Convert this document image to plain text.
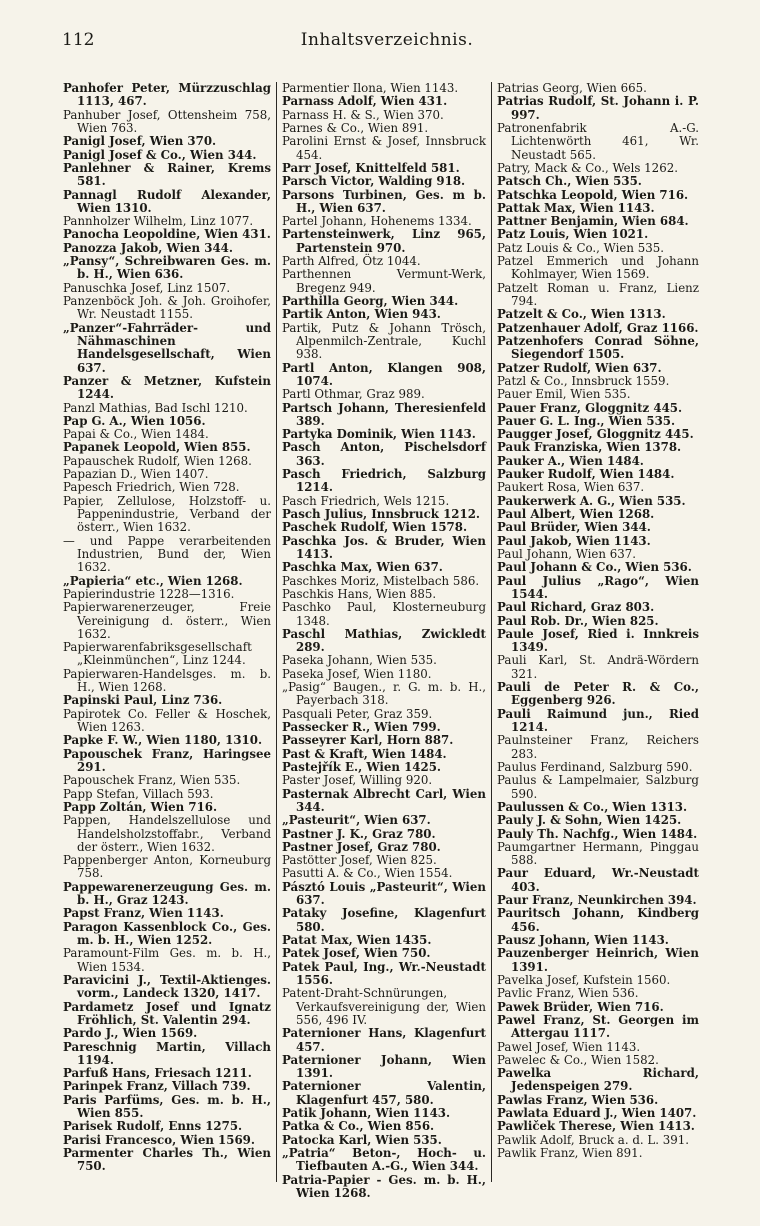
112	Inhaltsverzeichnis.
Panhofer Peter, Mürzzuschlag 1113, 467.
Panhuber Josef, Ottensheim 758, Wien 763.
Panigl Josef, Wien 370.
Panigl Josef & Co., Wien 344.
Panlehner & Rainer, Krems 581.
Pannagl Rudolf Alexander, Wien 1310.
Pannholzer Wilhelm, Linz 1077.
Panocha Leopoldine, Wien 431.
Panozza Jakob, Wien 344.
„Pansy“, Schreibwaren Ges. m. b. H., Wien 636.
Panuschka Josef, Linz 1507.
Panzenböck Joh. & Joh. Groihofer, Wr. Neustadt 1155.
„Panzer“-Fahrräder- und Nähmaschinen Handelsgesellschaft, Wien 637.
Panzer & Metzner, Kufstein 1244.
Panzl Mathias, Bad Ischl 1210.
Pap G. A., Wien 1056.
Papai & Co., Wien 1484.
Papanek Leopold, Wien 855.
Papauschek Rudolf, Wien 1268.
Papazian D., Wien 1407.
Papesch Friedrich, Wien 728.
Papier, Zellulose, Holzstoff- u. Pappenindustrie, Verband der österr., Wien 1632.
— und Pappe verarbeitenden Industrien, Bund der, Wien 1632.
„Papieria“ etc., Wien 1268.
Papierindustrie 1228—1316.
Papierwarenerzeuger, Freie Vereinigung d. österr., Wien 1632.
Papierwarenfabriksgesellschaft „Kleinmünchen“, Linz 1244.
Papierwaren-Handelsges. m. b. H., Wien 1268.
Papinski Paul, Linz 736.
Papirotek Co. Feller & Hoschek, Wien 1263.
Papke F. W., Wien 1180, 1310.
Papouschek Franz, Haringsee 291.
Papouschek Franz, Wien 535.
Papp Stefan, Villach 593.
Papp Zoltán, Wien 716.
Pappen, Handelszellulose und Handelsholzstoffabr., Verband der österr., Wien 1632.
Pappenberger Anton, Korneuburg 758.
Pappewarenerzeugung Ges. m. b. H., Graz 1243.
Papst Franz, Wien 1143.
Paragon Kassenblock Co., Ges. m. b. H., Wien 1252.
Paramount-Film Ges. m. b. H., Wien 1534.
Paravicini J., Textil-Aktienges. vorm., Landeck 1320, 1417.
Pardametz Josef und Ignatz Fröhlich, St. Valentin 294.
Pardo J., Wien 1569.
Pareschnig Martin, Villach 1194.
Parfuß Hans, Friesach 1211.
Parinpek Franz, Villach 739.
Paris Parfüms, Ges. m. b. H., Wien 855.
Parisek Rudolf, Enns 1275.
Parisi Francesco, Wien 1569.
Parmenter Charles Th., Wien 750.
Parmentier Ilona, Wien 1143.
Parnass Adolf, Wien 431.
Parnass H. & S., Wien 370.
Parnes & Co., Wien 891.
Parolini Ernst & Josef, Innsbruck 454.
Parr Josef, Knittelfeld 581.
Parsch Victor, Walding 918.
Parsons Turbinen, Ges. m b. H., Wien 637.
Partel Johann, Hohenems 1334.
Partensteinwerk, Linz 965, Partenstein 970.
Parth Alfred, Ötz 1044.
Parthennen Vermunt-Werk, Bregenz 949.
Parthilla Georg, Wien 344.
Partik Anton, Wien 943.
Partik, Putz & Johann Trösch, Alpenmilch-Zentrale, Kuchl 938.
Partl Anton, Klangen 908, 1074.
Partl Othmar, Graz 989.
Partsch Johann, Theresienfeld 389.
Partyka Dominik, Wien 1143.
Pasch Anton, Pischelsdorf 363.
Pasch Friedrich, Salzburg 1214.
Pasch Friedrich, Wels 1215.
Pasch Julius, Innsbruck 1212.
Paschek Rudolf, Wien 1578.
Paschka Jos. & Bruder, Wien 1413.
Paschka Max, Wien 637.
Paschkes Moriz, Mistelbach 586.
Paschkis Hans, Wien 885.
Paschko Paul, Klosterneuburg 1348.
Paschl Mathias, Zwickledt 289.
Paseka Johann, Wien 535.
Paseka Josef, Wien 1180.
„Pasig“ Baugen., r. G. m. b. H., Payerbach 318.
Pasquali Peter, Graz 359.
Passecker R., Wien 799.
Passeyrer Karl, Horn 887.
Past & Kraft, Wien 1484.
Pastejřík E., Wien 1425.
Paster Josef, Willing 920.
Pasternak Albrecht Carl, Wien 344.
„Pasteurit“, Wien 637.
Pastner J. K., Graz 780.
Pastner Josef, Graz 780.
Pastötter Josef, Wien 825.
Pasutti A. & Co., Wien 1554.
Pásztó Louis „Pasteurit“, Wien 637.
Pataky Josefine, Klagenfurt 580.
Patat Max, Wien 1435.
Patek Josef, Wien 750.
Patek Paul, Ing., Wr.-Neustadt 1556.
Patent-Draht-Schnürungen, Verkaufsvereinigung der, Wien 556, 496 IV.
Paternioner Hans, Klagenfurt 457.
Paternioner Johann, Wien 1391.
Paternioner Valentin, Klagenfurt 457, 580.
Patik Johann, Wien 1143.
Patka & Co., Wien 856.
Patocka Karl, Wien 535.
„Patria“ Beton-, Hoch- u. Tiefbauten A.-G., Wien 344.
Patria-Papier - Ges. m. b. H., Wien 1268.
Patrias Georg, Wien 665.
Patrias Rudolf, St. Johann i. P. 997.
Patronenfabrik A.-G. Lichtenwörth 461, Wr. Neustadt 565.
Patry, Mack & Co., Wels 1262.
Patsch Ch., Wien 535.
Patschka Leopold, Wien 716.
Pattak Max, Wien 1143.
Pattner Benjamin, Wien 684.
Patz Louis, Wien 1021.
Patz Louis & Co., Wien 535.
Patzel Emmerich und Johann Kohlmayer, Wien 1569.
Patzelt Roman u. Franz, Lienz 794.
Patzelt & Co., Wien 1313.
Patzenhauer Adolf, Graz 1166.
Patzenhofers Conrad Söhne, Siegendorf 1505.
Patzer Rudolf, Wien 637.
Patzl & Co., Innsbruck 1559.
Pauer Emil, Wien 535.
Pauer Franz, Gloggnitz 445.
Pauer G. L. Ing., Wien 535.
Paugger Josef, Gloggnitz 445.
Pauk Franziska, Wien 1378.
Pauker A., Wien 1484.
Pauker Rudolf, Wien 1484.
Paukert Rosa, Wien 637.
Paukerwerk A. G., Wien 535.
Paul Albert, Wien 1268.
Paul Brüder, Wien 344.
Paul Jakob, Wien 1143.
Paul Johann, Wien 637.
Paul Johann & Co., Wien 536.
Paul Julius „Rago“, Wien 1544.
Paul Richard, Graz 803.
Paul Rob. Dr., Wien 825.
Paule Josef, Ried i. Innkreis 1349.
Pauli Karl, St. Andrä-Wördern 321.
Pauli de Peter R. & Co., Eggenberg 926.
Pauli Raimund jun., Ried 1214.
Paulnsteiner Franz, Reichers 283.
Paulus Ferdinand, Salzburg 590.
Paulus & Lampelmaier, Salzburg 590.
Paulussen & Co., Wien 1313.
Pauly J. & Sohn, Wien 1425.
Pauly Th. Nachfg., Wien 1484.
Paumgartner Hermann, Pinggau 588.
Paur Eduard, Wr.-Neustadt 403.
Paur Franz, Neunkirchen 394.
Pauritsch Johann, Kindberg 456.
Pausz Johann, Wien 1143.
Pauzenberger Heinrich, Wien 1391.
Pavelka Josef, Kufstein 1560.
Pavlic Franz, Wien 536.
Pawek Brüder, Wien 716.
Pawel Franz, St. Georgen im Attergau 1117.
Pawel Josef, Wien 1143.
Pawelec & Co., Wien 1582.
Pawelka Richard, Jedenspeigen 279.
Pawlas Franz, Wien 536.
Pawlata Eduard J., Wien 1407.
Pawliček Therese, Wien 1413.
Pawlik Adolf, Bruck a. d. L. 391.
Pawlik Franz, Wien 891.
